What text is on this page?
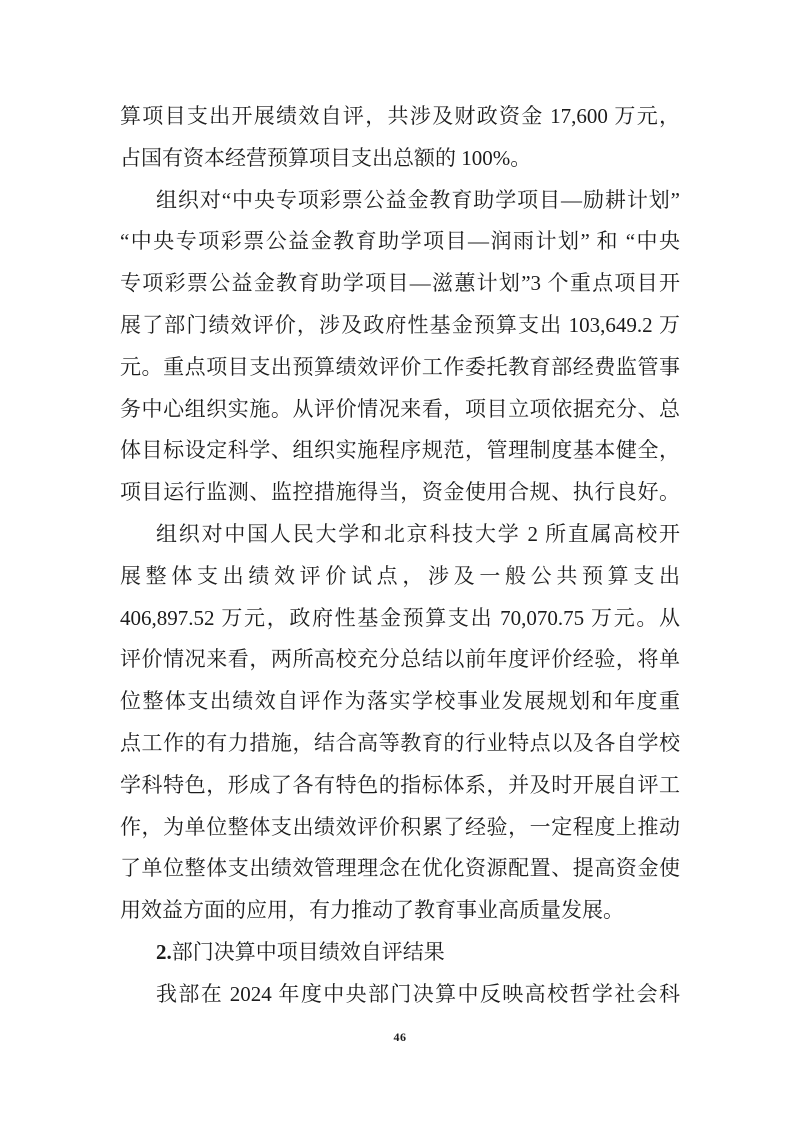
算项目支出开展绩效自评，共涉及财政资金 17,600 万元，
占国有资本经营预算项目支出总额的 100%。
组织对“中央专项彩票公益金教育助学项目—励耕计划”
“中央专项彩票公益金教育助学项目—润雨计划” 和 “中央
专项彩票公益金教育助学项目—滋蕙计划”3 个重点项目开
展了部门绩效评价，涉及政府性基金预算支出 103,649.2 万
元。重点项目支出预算绩效评价工作委托教育部经费监管事
务中心组织实施。从评价情况来看，项目立项依据充分、总
体目标设定科学、组织实施程序规范，管理制度基本健全，
项目运行监测、监控措施得当，资金使用合规、执行良好。
组织对中国人民大学和北京科技大学 2 所直属高校开
展整体支出绩效评价试点，涉及一般公共预算支出
406,897.52 万元，政府性基金预算支出 70,070.75 万元。从
评价情况来看，两所高校充分总结以前年度评价经验，将单
位整体支出绩效自评作为落实学校事业发展规划和年度重
点工作的有力措施，结合高等教育的行业特点以及各自学校
学科特色，形成了各有特色的指标体系，并及时开展自评工
作，为单位整体支出绩效评价积累了经验，一定程度上推动
了单位整体支出绩效管理理念在优化资源配置、提高资金使
用效益方面的应用，有力推动了教育事业高质量发展。
2.部门决算中项目绩效自评结果
我部在 2024 年度中央部门决算中反映高校哲学社会科
46
